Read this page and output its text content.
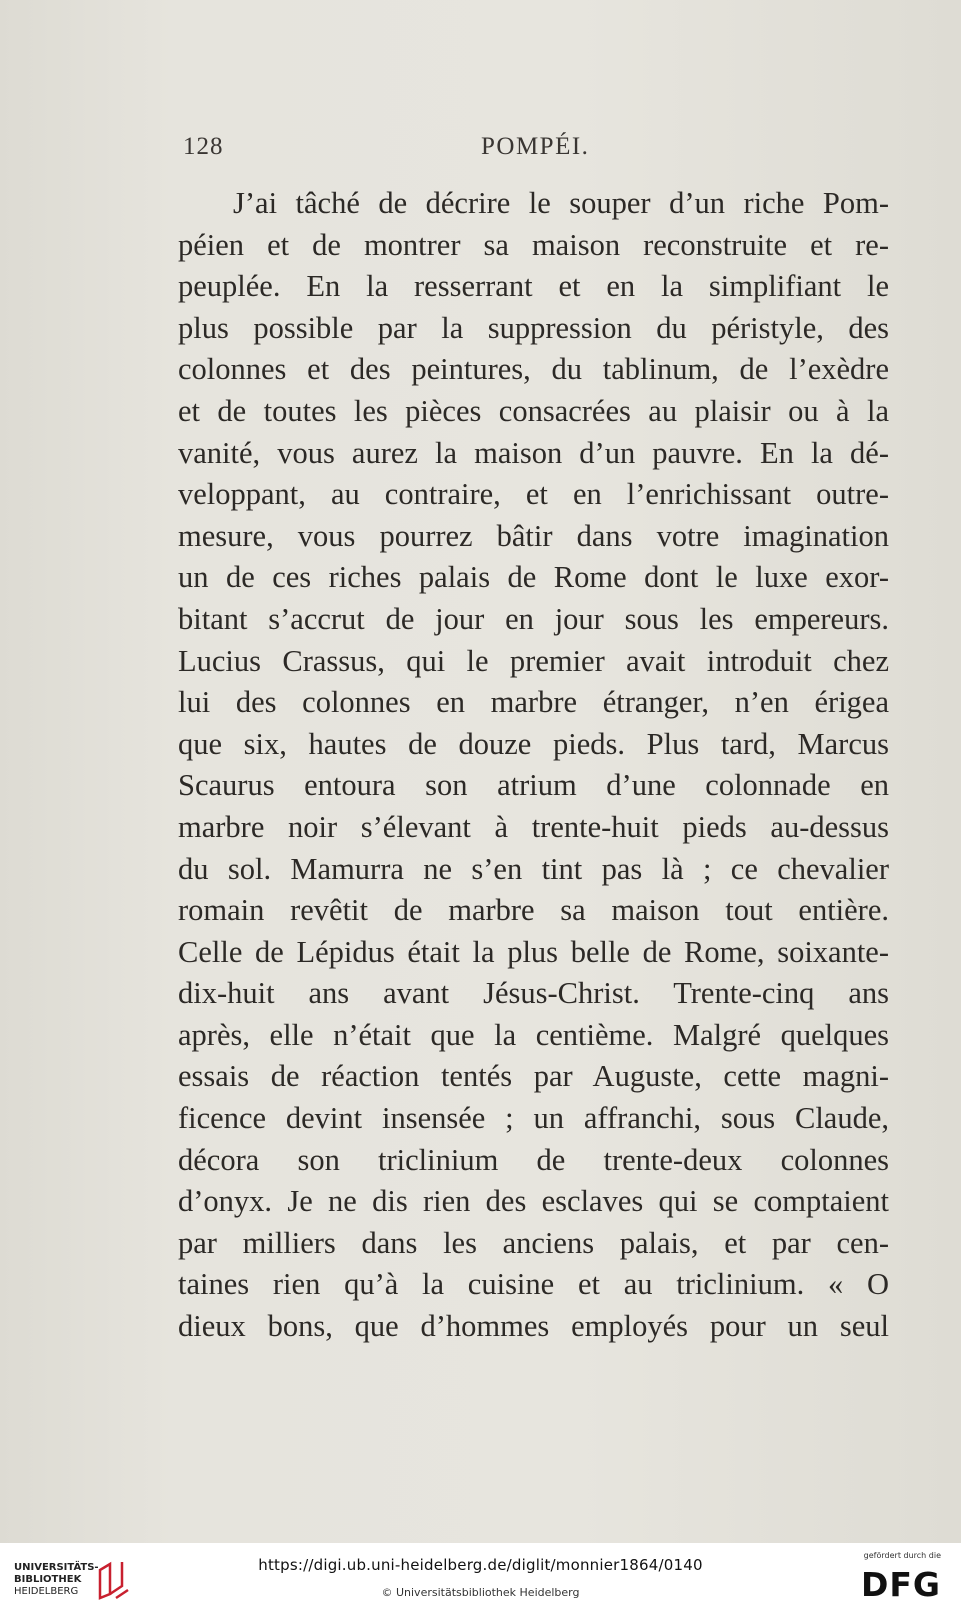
128	POMPÉI.
J’ai tâché de décrire le souper d’un riche Pom-
péien et de montrer sa maison reconstruite et re-
peuplée. En la resserrant et en la simplifiant le
plus possible par la suppression du péristyle, des
colonnes et des peintures, du tablinum, de l’exèdre
et de toutes les pièces consacrées au plaisir ou à la
vanité, vous aurez la maison d’un pauvre. En la dé-
veloppant, au contraire, et en l’enrichissant outre-
mesure, vous pourrez bâtir dans votre imagination
un de ces riches palais de Rome dont le luxe exor-
bitant s’accrut de jour en jour sous les empereurs.
Lucius Crassus, qui le premier avait introduit chez
lui des colonnes en marbre étranger, n’en érigea
que six, hautes de douze pieds. Plus tard, Marcus
Scaurus entoura son atrium d’une colonnade en
marbre noir s’élevant à trente-huit pieds au-dessus
du sol. Mamurra ne s’en tint pas là ; ce chevalier
romain revêtit de marbre sa maison tout entière.
Celle de Lépidus était la plus belle de Rome, soixante-
dix-huit ans avant Jésus-Christ. Trente-cinq ans
après, elle n’était que la centième. Malgré quelques
essais de réaction tentés par Auguste, cette magni-
ficence devint insensée ; un affranchi, sous Claude,
décora son triclinium de trente-deux colonnes
d’onyx. Je ne dis rien des esclaves qui se comptaient
par milliers dans les anciens palais, et par cen-
taines rien qu’à la cuisine et au triclinium. « O
dieux bons, que d’hommes employés pour un seul
UNIVERSITÄTS-
BIBLIOTHEK
HEIDELBERG
https://digi.ub.uni-heidelberg.de/diglit/monnier1864/0140
© Universitätsbibliothek Heidelberg
gefördert durch die
DFG
